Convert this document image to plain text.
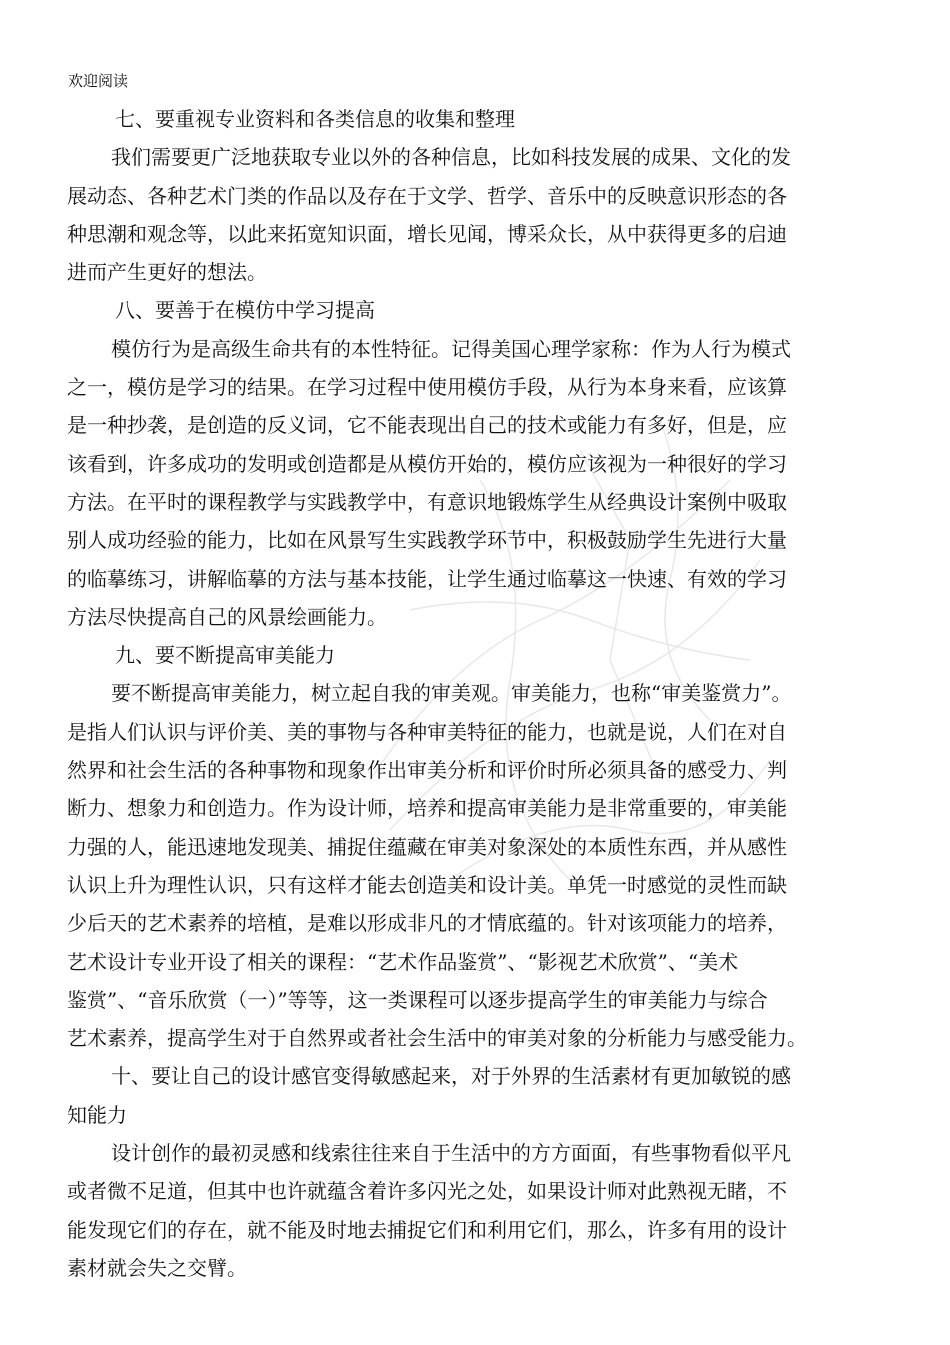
欢迎阅读
七、要重视专业资料和各类信息的收集和整理
我们需要更广泛地获取专业以外的各种信息，比如科技发展的成果、文化的发
展动态、各种艺术门类的作品以及存在于文学、哲学、音乐中的反映意识形态的各
种思潮和观念等，以此来拓宽知识面，增长见闻，博采众长，从中获得更多的启迪
进而产生更好的想法。
八、要善于在模仿中学习提高
模仿行为是高级生命共有的本性特征。记得美国心理学家称：作为人行为模式
之一，模仿是学习的结果。在学习过程中使用模仿手段，从行为本身来看，应该算
是一种抄袭，是创造的反义词，它不能表现出自己的技术或能力有多好，但是，应
该看到，许多成功的发明或创造都是从模仿开始的，模仿应该视为一种很好的学习
方法。在平时的课程教学与实践教学中，有意识地锻炼学生从经典设计案例中吸取
别人成功经验的能力，比如在风景写生实践教学环节中，积极鼓励学生先进行大量
的临摹练习，讲解临摹的方法与基本技能，让学生通过临摹这一快速、有效的学习
方法尽快提高自己的风景绘画能力。
九、要不断提高审美能力
要不断提高审美能力，树立起自我的审美观。审美能力，也称“审美鉴赏力”。
是指人们认识与评价美、美的事物与各种审美特征的能力，也就是说，人们在对自
然界和社会生活的各种事物和现象作出审美分析和评价时所必须具备的感受力、判
断力、想象力和创造力。作为设计师，培养和提高审美能力是非常重要的，审美能
力强的人，能迅速地发现美、捕捉住蕴藏在审美对象深处的本质性东西，并从感性
认识上升为理性认识，只有这样才能去创造美和设计美。单凭一时感觉的灵性而缺
少后天的艺术素养的培植，是难以形成非凡的才情底蕴的。针对该项能力的培养，
艺术设计专业开设了相关的课程：“艺术作品鉴赏”、“影视艺术欣赏”、“美术
鉴赏”、“音乐欣赏（一）”等等，这一类课程可以逐步提高学生的审美能力与综合
艺术素养，提高学生对于自然界或者社会生活中的审美对象的分析能力与感受能力。
十、要让自己的设计感官变得敏感起来，对于外界的生活素材有更加敏锐的感
知能力
设计创作的最初灵感和线索往往来自于生活中的方方面面，有些事物看似平凡
或者微不足道，但其中也许就蕴含着许多闪光之处，如果设计师对此熟视无睹，不
能发现它们的存在，就不能及时地去捕捉它们和利用它们，那么，许多有用的设计
素材就会失之交臂。
